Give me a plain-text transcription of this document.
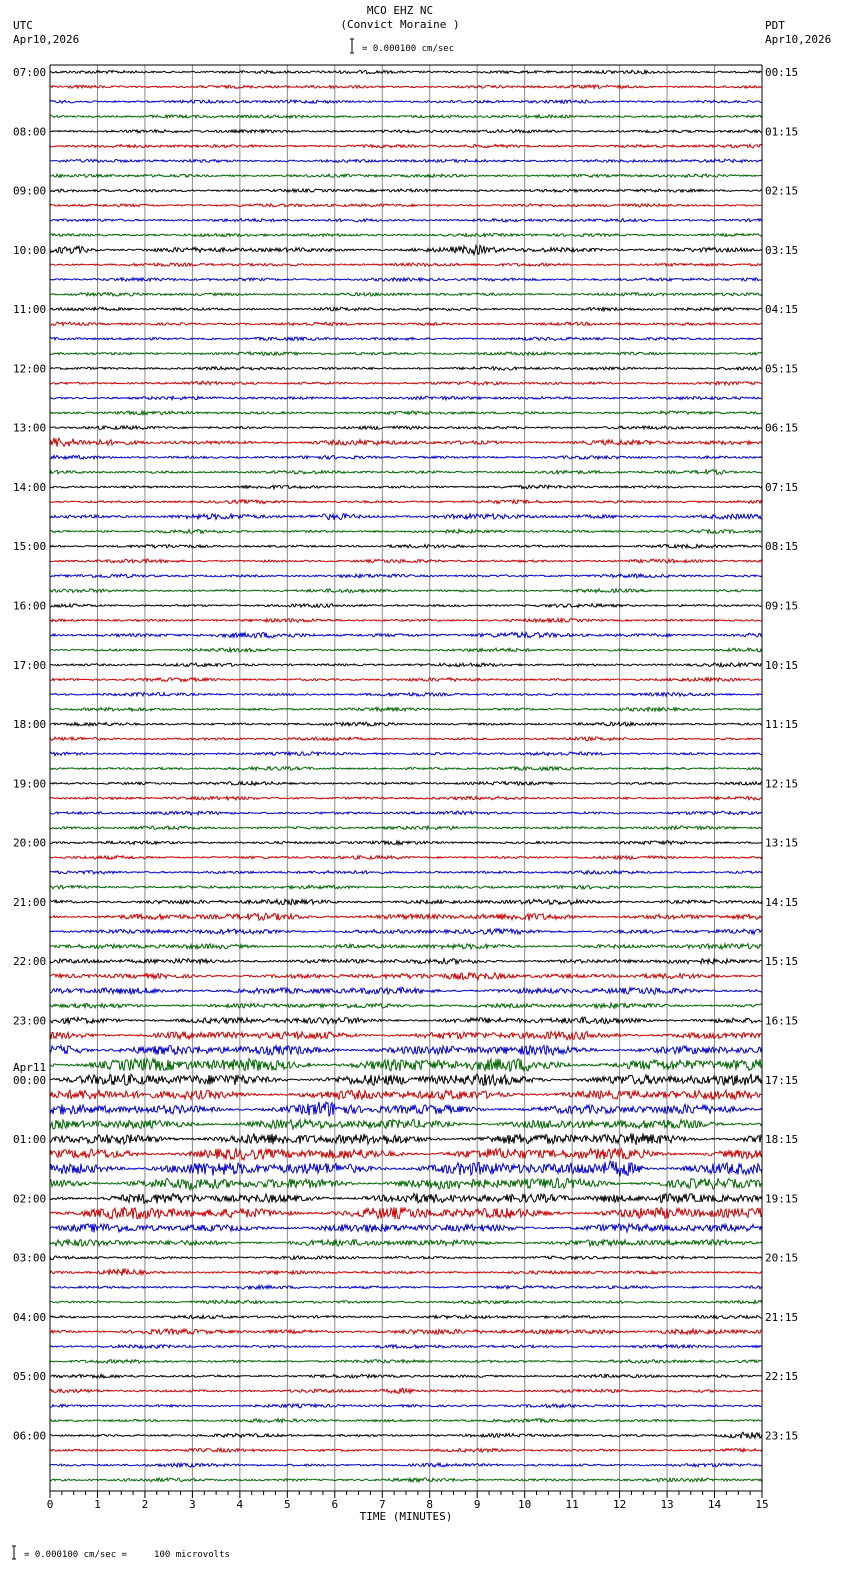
MCO EHZ NC
(Convict Moraine )
= 0.000100 cm/sec
UTC
Apr10,2026
PDT
Apr10,2026
= 0.000100 cm/sec =     100 microvolts
0	1	2	3	4	5	6	7	8	9	10	11	12	13	14	15
TIME (MINUTES)
07:00
08:00
09:00
10:00
11:00
12:00
13:00
14:00
15:00
16:00
17:00
18:00
19:00
20:00
21:00
22:00
23:00
00:00
Apr11
01:00
02:00
03:00
04:00
05:00
06:00
00:15
01:15
02:15
03:15
04:15
05:15
06:15
07:15
08:15
09:15
10:15
11:15
12:15
13:15
14:15
15:15
16:15
17:15
18:15
19:15
20:15
21:15
22:15
23:15
